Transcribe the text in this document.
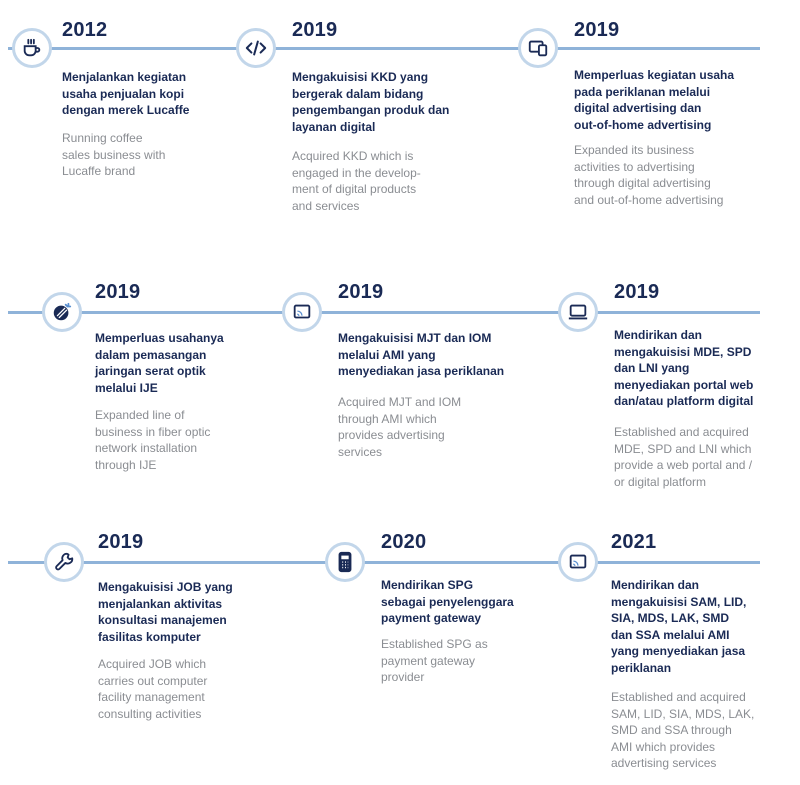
2012
Menjalankan kegiatan
usaha penjualan kopi
dengan merek Lucaffe
Running coffee
sales business with
Lucaffe brand
2019
Mengakuisisi KKD yang
bergerak dalam bidang
pengembangan produk dan
layanan digital
Acquired KKD which is
engaged in the develop-
ment of digital products
and services
2019
Memperluas kegiatan usaha
pada periklanan melalui
digital advertising dan
out-of-home advertising
Expanded its business
activities to advertising
through digital advertising
and out-of-home advertising
2019
Memperluas usahanya
dalam pemasangan
jaringan serat optik
melalui IJE
Expanded line of
business in fiber optic
network installation
through IJE
2019
Mengakuisisi MJT dan IOM
melalui AMI yang
menyediakan jasa periklanan
Acquired MJT and IOM
through AMI which
provides advertising
services
2019
Mendirikan dan
mengakuisisi MDE, SPD
dan LNI yang
menyediakan portal web
dan/atau platform digital
Established and acquired
MDE, SPD and LNI which
provide a web portal and /
or digital platform
2019
Mengakuisisi JOB yang
menjalankan aktivitas
konsultasi manajemen
fasilitas komputer
Acquired JOB which
carries out computer
facility management
consulting activities
2020
Mendirikan SPG
sebagai penyelenggara
payment gateway
Established SPG as
payment gateway
provider
2021
Mendirikan dan
mengakuisisi SAM, LID,
SIA, MDS, LAK, SMD
dan SSA melalui AMI
yang menyediakan jasa
periklanan
Established and acquired
SAM, LID, SIA, MDS, LAK,
SMD and SSA through
AMI which provides
advertising services
